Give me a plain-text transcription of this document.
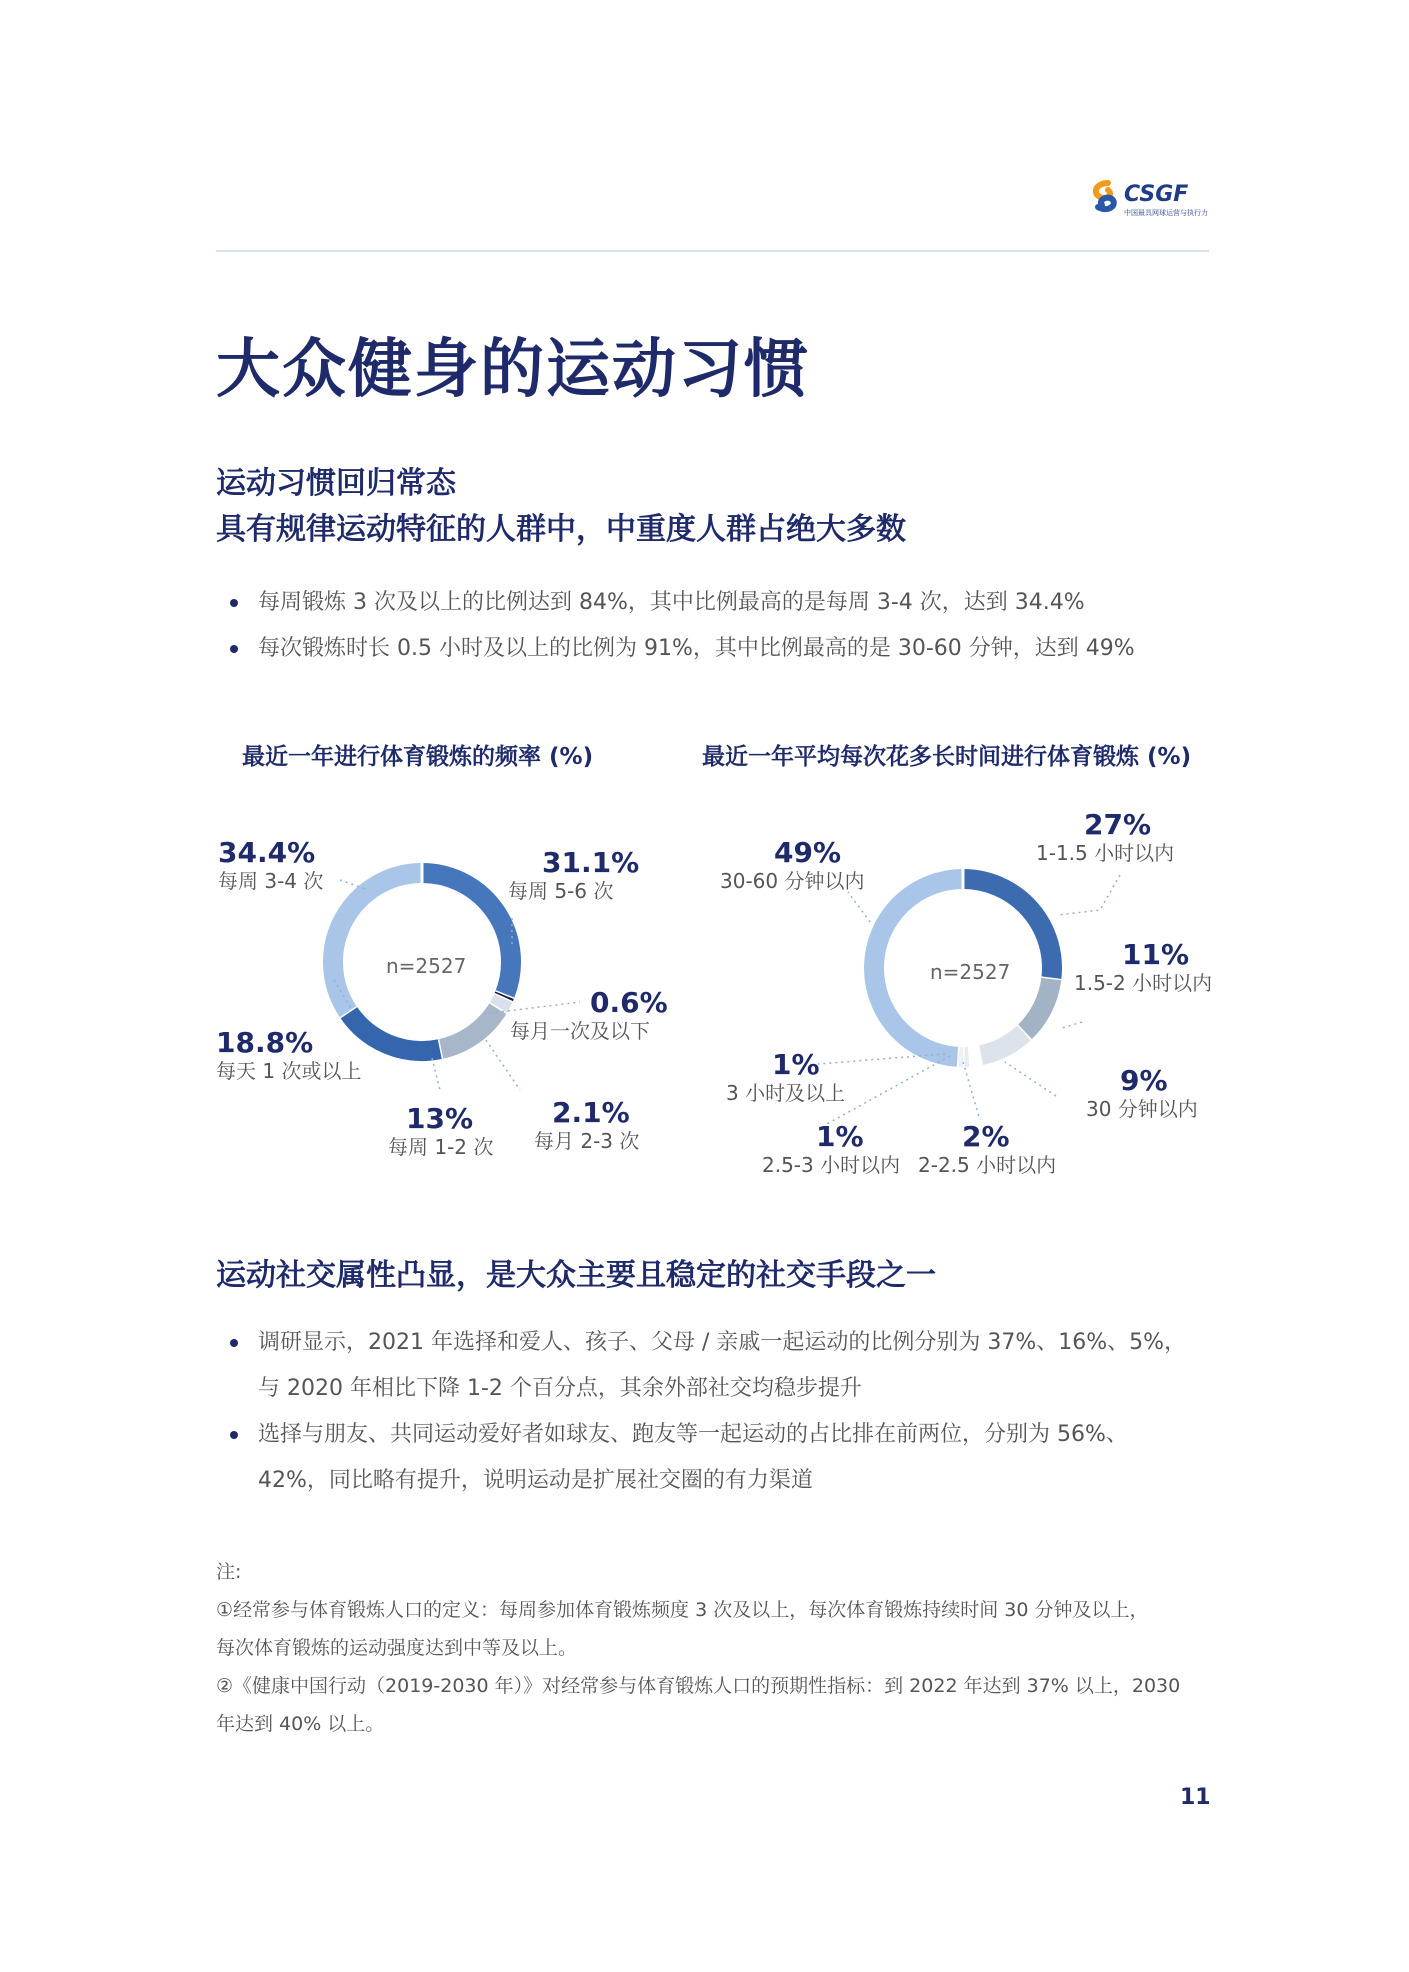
CSGF
中国最具网球运营与执行力
大众健身的运动习惯
运动习惯回归常态
具有规律运动特征的人群中，中重度人群占绝大多数
每周锻炼 3 次及以上的比例达到 84%，其中比例最高的是每周 3-4 次，达到 34.4%
每次锻炼时长 0.5 小时及以上的比例为 91%，其中比例最高的是 30-60 分钟，达到 49%
最近一年进行体育锻炼的频率 (%)	最近一年平均每次花多长时间进行体育锻炼 (%)
n=2527	n=2527
34.4%
每周 3-4 次
31.1%
每周 5-6 次
0.6%
每月一次及以下
18.8%
每天 1 次或以上
13%
每周 1-2 次
2.1%
每月 2-3 次
49%
30-60 分钟以内
27%
1-1.5 小时以内
11%
1.5-2 小时以内
9%
30 分钟以内
1%
3 小时及以上
1%
2.5-3 小时以内
2%
2-2.5 小时以内
运动社交属性凸显，是大众主要且稳定的社交手段之一
调研显示，2021 年选择和爱人、孩子、父母 / 亲戚一起运动的比例分别为 37%、16%、5%，
与 2020 年相比下降 1-2 个百分点，其余外部社交均稳步提升
选择与朋友、共同运动爱好者如球友、跑友等一起运动的占比排在前两位，分别为 56%、
42%，同比略有提升，说明运动是扩展社交圈的有力渠道
注:
①经常参与体育锻炼人口的定义：每周参加体育锻炼频度 3 次及以上，每次体育锻炼持续时间 30 分钟及以上，
每次体育锻炼的运动强度达到中等及以上。
②《健康中国行动（2019-2030 年）》对经常参与体育锻炼人口的预期性指标：到 2022 年达到 37% 以上，2030
年达到 40% 以上。
11
